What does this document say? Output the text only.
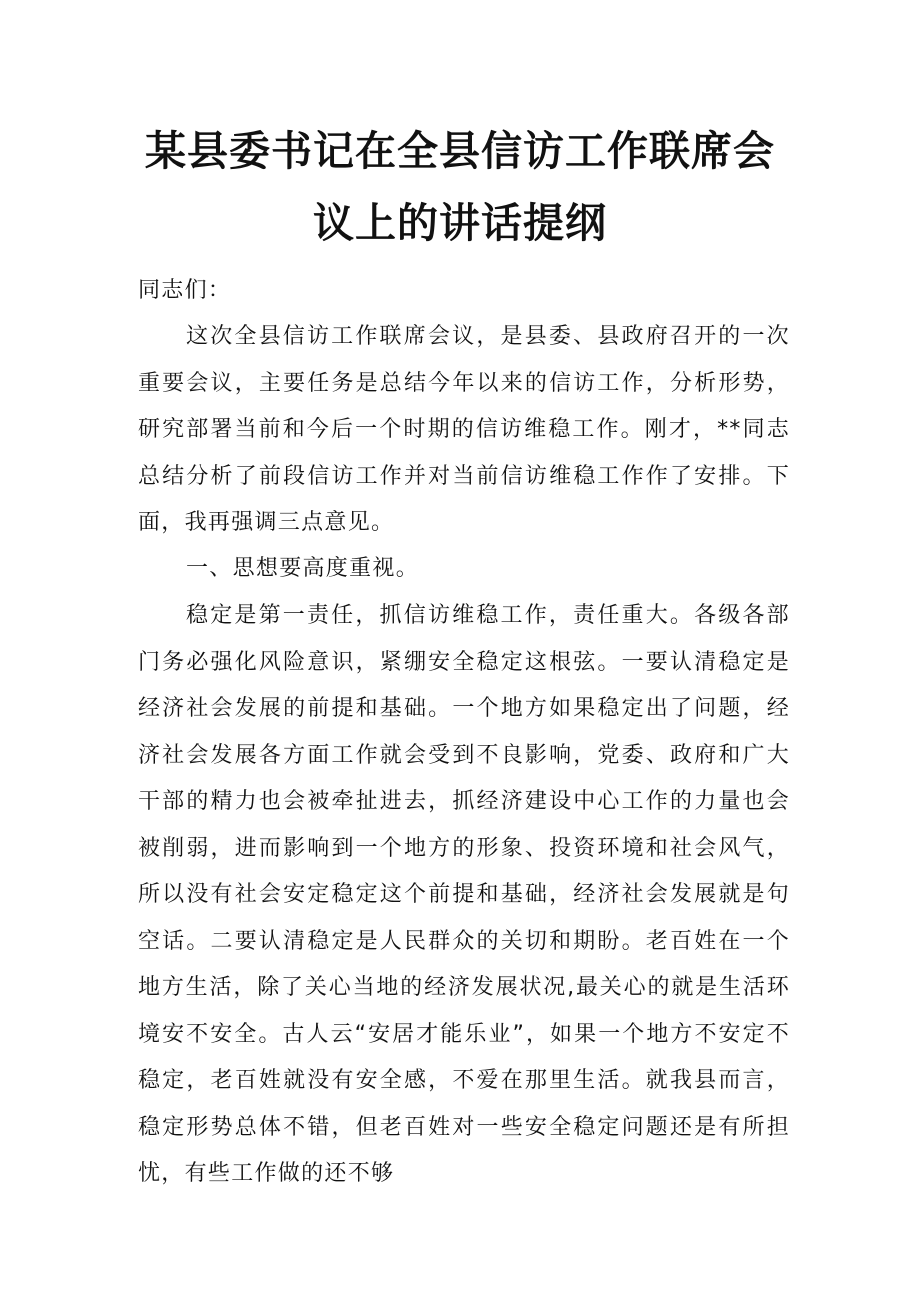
某县委书记在全县信访工作联席会
议上的讲话提纲

同志们：

这次全县信访工作联席会议，是县委、县政府召开的一次重要会议，主要任务是总结今年以来的信访工作，分析形势，研究部署当前和今后一个时期的信访维稳工作。刚才，**同志总结分析了前段信访工作并对当前信访维稳工作作了安排。下面，我再强调三点意见。

一、思想要高度重视。

稳定是第一责任，抓信访维稳工作，责任重大。各级各部门务必强化风险意识，紧绷安全稳定这根弦。一要认清稳定是经济社会发展的前提和基础。一个地方如果稳定出了问题，经济社会发展各方面工作就会受到不良影响，党委、政府和广大干部的精力也会被牵扯进去，抓经济建设中心工作的力量也会被削弱，进而影响到一个地方的形象、投资环境和社会风气，所以没有社会安定稳定这个前提和基础，经济社会发展就是句空话。二要认清稳定是人民群众的关切和期盼。老百姓在一个地方生活，除了关心当地的经济发展状况,最关心的就是生活环境安不安全。古人云“安居才能乐业”，如果一个地方不安定不稳定，老百姓就没有安全感，不爱在那里生活。就我县而言，稳定形势总体不错，但老百姓对一些安全稳定问题还是有所担忧，有些工作做的还不够
